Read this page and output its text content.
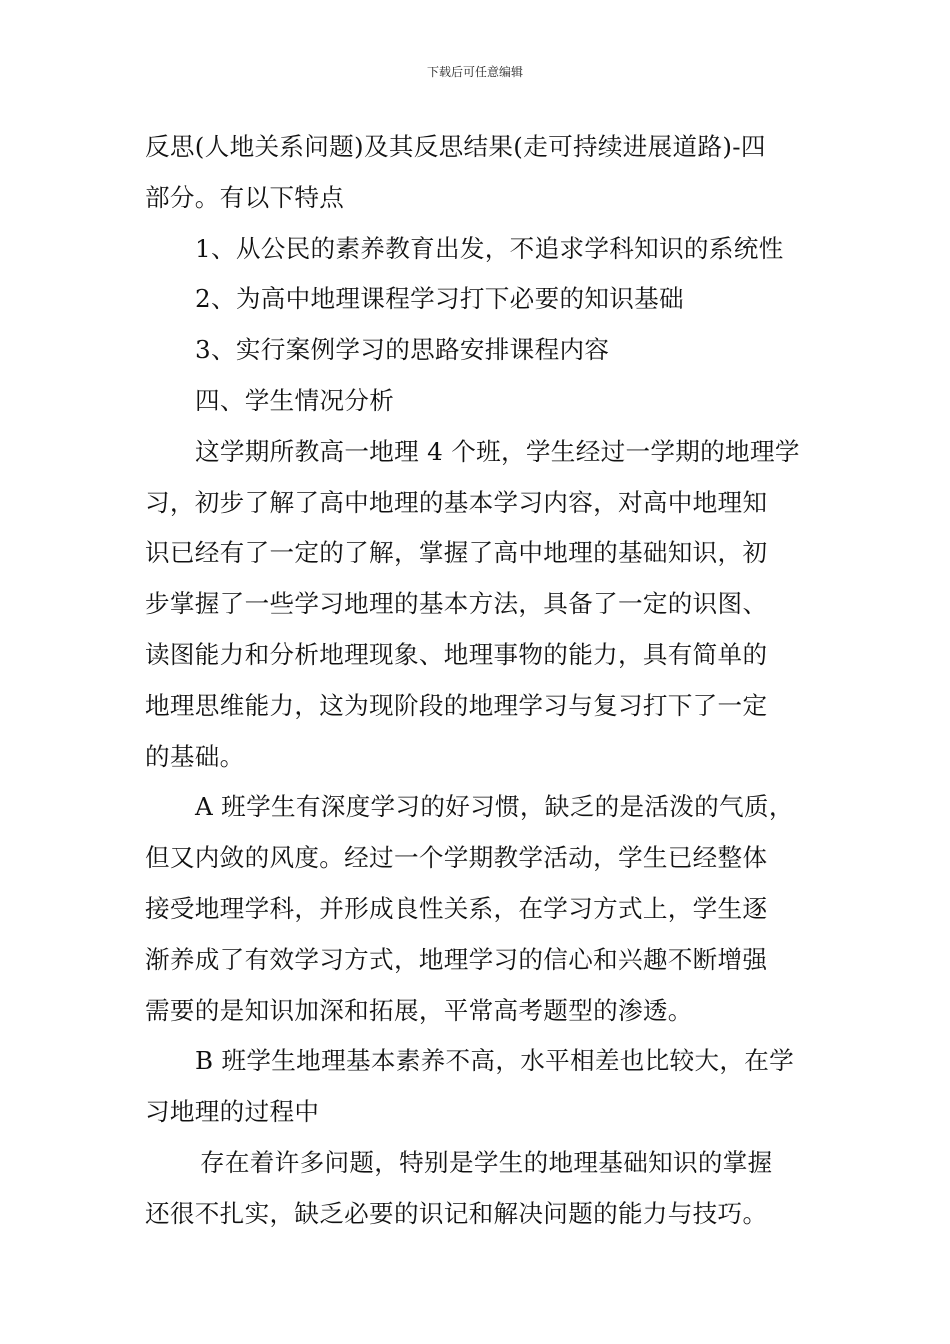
下载后可任意编辑
反思(人地关系问题)及其反思结果(走可持续进展道路)-四
部分。有以下特点
1、从公民的素养教育出发，不追求学科知识的系统性
2、为高中地理课程学习打下必要的知识基础
3、实行案例学习的思路安排课程内容
四、学生情况分析
这学期所教高一地理 4 个班，学生经过一学期的地理学
习，初步了解了高中地理的基本学习内容，对高中地理知
识已经有了一定的了解，掌握了高中地理的基础知识，初
步掌握了一些学习地理的基本方法，具备了一定的识图、
读图能力和分析地理现象、地理事物的能力，具有简单的
地理思维能力，这为现阶段的地理学习与复习打下了一定
的基础。
A 班学生有深度学习的好习惯，缺乏的是活泼的气质，
但又内敛的风度。经过一个学期教学活动，学生已经整体
接受地理学科，并形成良性关系，在学习方式上，学生逐
渐养成了有效学习方式，地理学习的信心和兴趣不断增强
需要的是知识加深和拓展，平常高考题型的渗透。
B 班学生地理基本素养不高，水平相差也比较大，在学
习地理的过程中
存在着许多问题，特别是学生的地理基础知识的掌握
还很不扎实，缺乏必要的识记和解决问题的能力与技巧。
